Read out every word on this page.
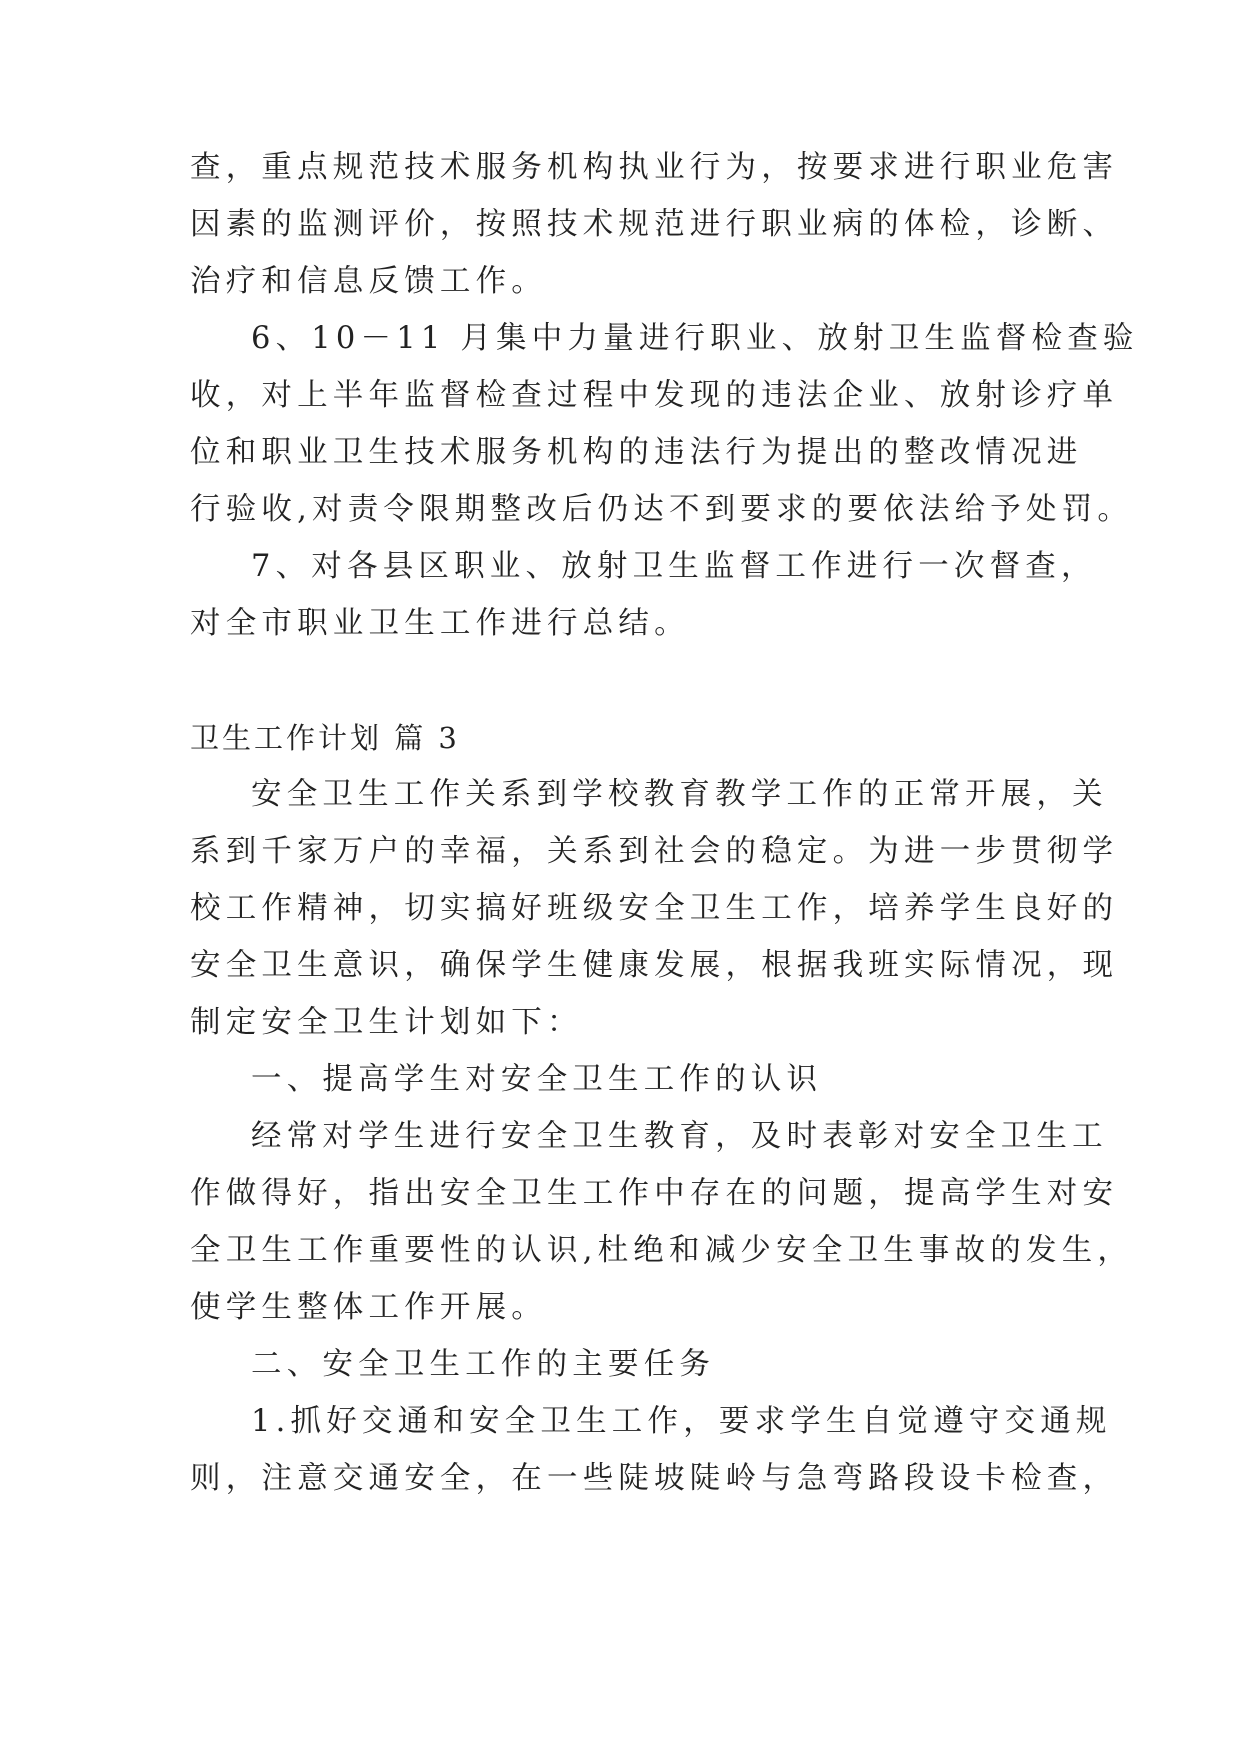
查，重点规范技术服务机构执业行为，按要求进行职业危害
因素的监测评价，按照技术规范进行职业病的体检，诊断、
治疗和信息反馈工作。
6、10－11 月集中力量进行职业、放射卫生监督检查验
收，对上半年监督检查过程中发现的违法企业、放射诊疗单
位和职业卫生技术服务机构的违法行为提出的整改情况进
行验收,对责令限期整改后仍达不到要求的要依法给予处罚。
7、对各县区职业、放射卫生监督工作进行一次督查，
对全市职业卫生工作进行总结。
卫生工作计划 篇 3
安全卫生工作关系到学校教育教学工作的正常开展，关
系到千家万户的幸福，关系到社会的稳定。为进一步贯彻学
校工作精神，切实搞好班级安全卫生工作，培养学生良好的
安全卫生意识，确保学生健康发展，根据我班实际情况，现
制定安全卫生计划如下：
一、提高学生对安全卫生工作的认识
经常对学生进行安全卫生教育，及时表彰对安全卫生工
作做得好，指出安全卫生工作中存在的问题，提高学生对安
全卫生工作重要性的认识,杜绝和减少安全卫生事故的发生，
使学生整体工作开展。
二、安全卫生工作的主要任务
1.抓好交通和安全卫生工作，要求学生自觉遵守交通规
则，注意交通安全，在一些陡坡陡岭与急弯路段设卡检查，
